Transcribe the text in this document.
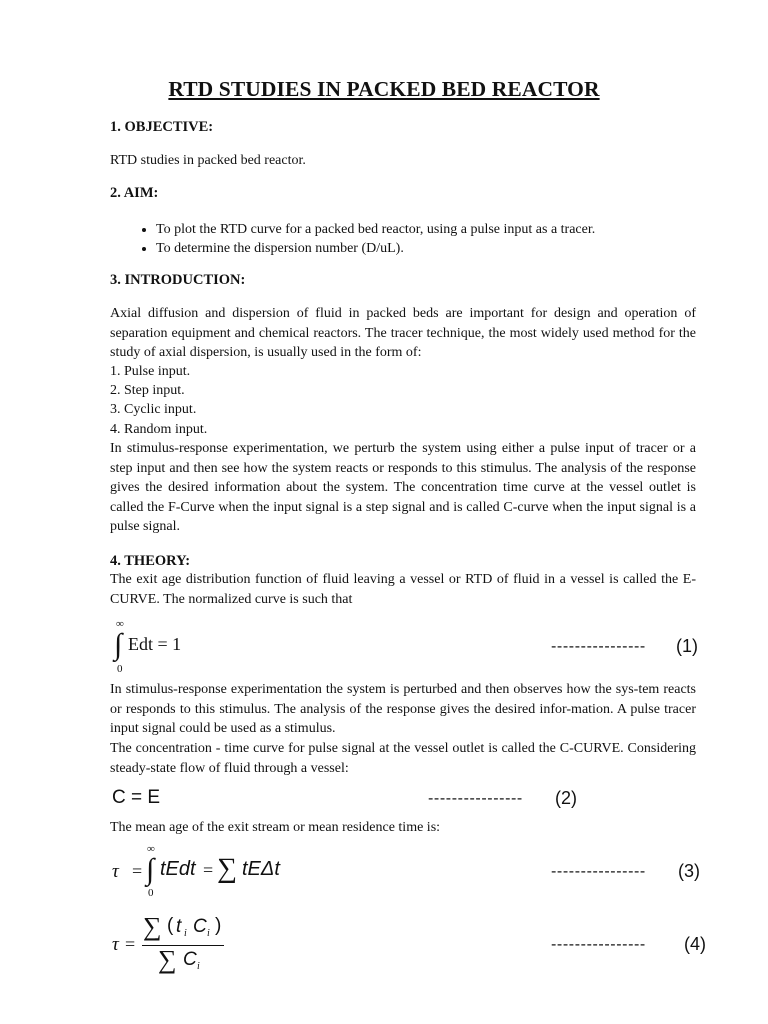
RTD STUDIES IN PACKED BED REACTOR
1. OBJECTIVE:
RTD studies in packed bed reactor.
2. AIM:
• To plot the RTD curve for a packed bed reactor, using a pulse input as a tracer.
• To determine the dispersion number (D/uL).
3. INTRODUCTION:
Axial diffusion and dispersion of fluid in packed beds are important for design and operation of separation equipment and chemical reactors. The tracer technique, the most widely used method for the study of axial dispersion, is usually used in the form of:
1. Pulse input.
2. Step input.
3. Cyclic input.
4. Random input.
In stimulus-response experimentation, we perturb the system using either a pulse input of tracer or a step input and then see how the system reacts or responds to this stimulus. The analysis of the response gives the desired information about the system. The concentration time curve at the vessel outlet is called the F-Curve when the input signal is a step signal and is called C-curve when the input signal is a pulse signal.
4. THEORY:
The exit age distribution function of fluid leaving a vessel or RTD of fluid in a vessel is called the E-CURVE. The normalized curve is such that
∞
∫
0
Edt = 1	---------------- (1)
In stimulus-response experimentation the system is perturbed and then observes how the sys-tem reacts or responds to this stimulus. The analysis of the response gives the desired infor-mation. A pulse tracer input signal could be used as a stimulus.
The concentration - time curve for pulse signal at the vessel outlet is called the C-CURVE. Considering steady-state flow of fluid through a vessel:
C = E	---------------- (2)
The mean age of the exit stream or mean residence time is:
τ =
∞
∫
0
tEdt = ∑ tEΔt	---------------- (3)
τ =
∑ ( t i C i )
∑ C i
---------------- (4)
